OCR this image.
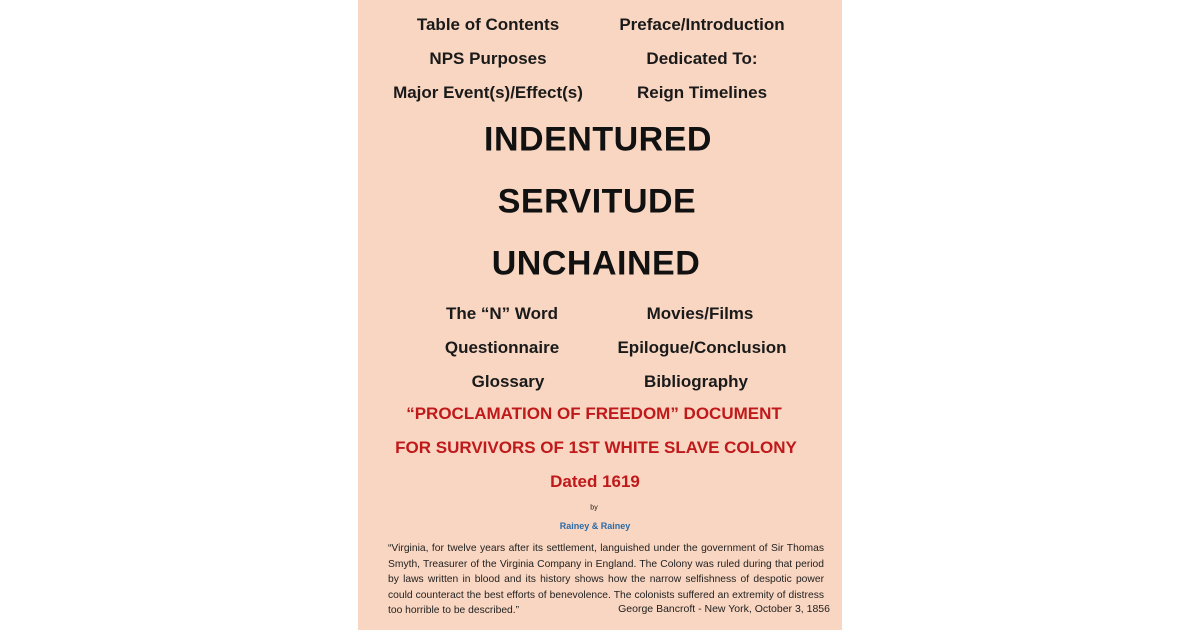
Table of Contents	Preface/Introduction
NPS Purposes	Dedicated To:
Major Event(s)/Effect(s)	Reign Timelines
INDENTURED
SERVITUDE
UNCHAINED
The “N” Word	Movies/Films
Questionnaire	Epilogue/Conclusion
Glossary	Bibliography
“PROCLAMATION OF FREEDOM” DOCUMENT
FOR SURVIVORS OF 1ST WHITE SLAVE COLONY
Dated 1619
by
Rainey & Rainey
“Virginia, for twelve years after its settlement, languished under the government of Sir Thomas Smyth, Treasurer of the Virginia Company in England. The Colony was ruled during that period by laws written in blood and its history shows how the narrow selfishness of despotic power could counteract the best efforts of benevolence. The colonists suffered an extremity of distress too horrible to be described.”	George Bancroft - New York, October 3, 1856
